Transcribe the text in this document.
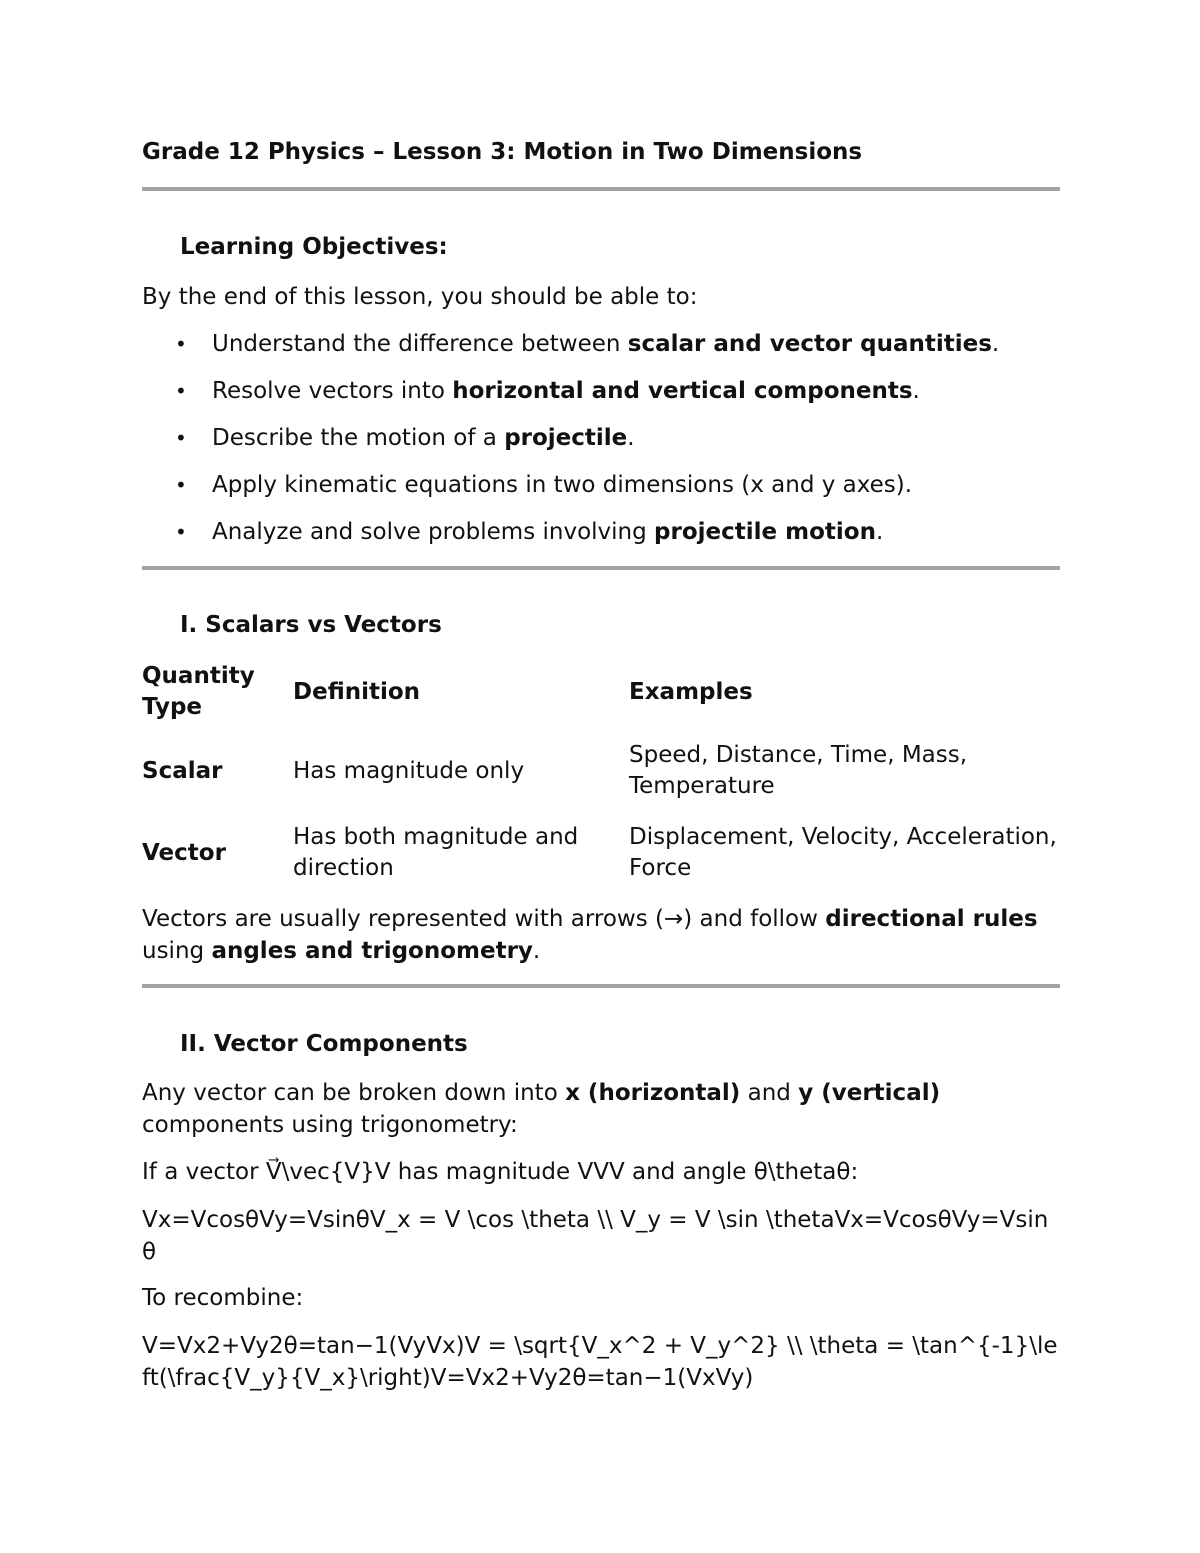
Grade 12 Physics – Lesson 3: Motion in Two Dimensions
Learning Objectives:
By the end of this lesson, you should be able to:
• Understand the difference between scalar and vector quantities.
• Resolve vectors into horizontal and vertical components.
• Describe the motion of a projectile.
• Apply kinematic equations in two dimensions (x and y axes).
• Analyze and solve problems involving projectile motion.
I. Scalars vs Vectors
Quantity Type	Definition	Examples
Scalar	Has magnitude only	Speed, Distance, Time, Mass, Temperature
Vector	Has both magnitude and direction	Displacement, Velocity, Acceleration, Force
Vectors are usually represented with arrows (→) and follow directional rules using angles and trigonometry.
II. Vector Components
Any vector can be broken down into x (horizontal) and y (vertical) components using trigonometry:
If a vector V⃗\vec{V}V has magnitude VVV and angle θ\thetaθ:
Vx=VcosθVy=VsinθV_x = V \cos \theta \\ V_y = V \sin \thetaVx=VcosθVy=Vsinθ
To recombine:
V=Vx2+Vy2θ=tan−1(VyVx)V = \sqrt{V_x^2 + V_y^2} \\ \theta = \tan^{-1}\left(\frac{V_y}{V_x}\right)V=Vx2+Vy2θ=tan−1(VxVy)
